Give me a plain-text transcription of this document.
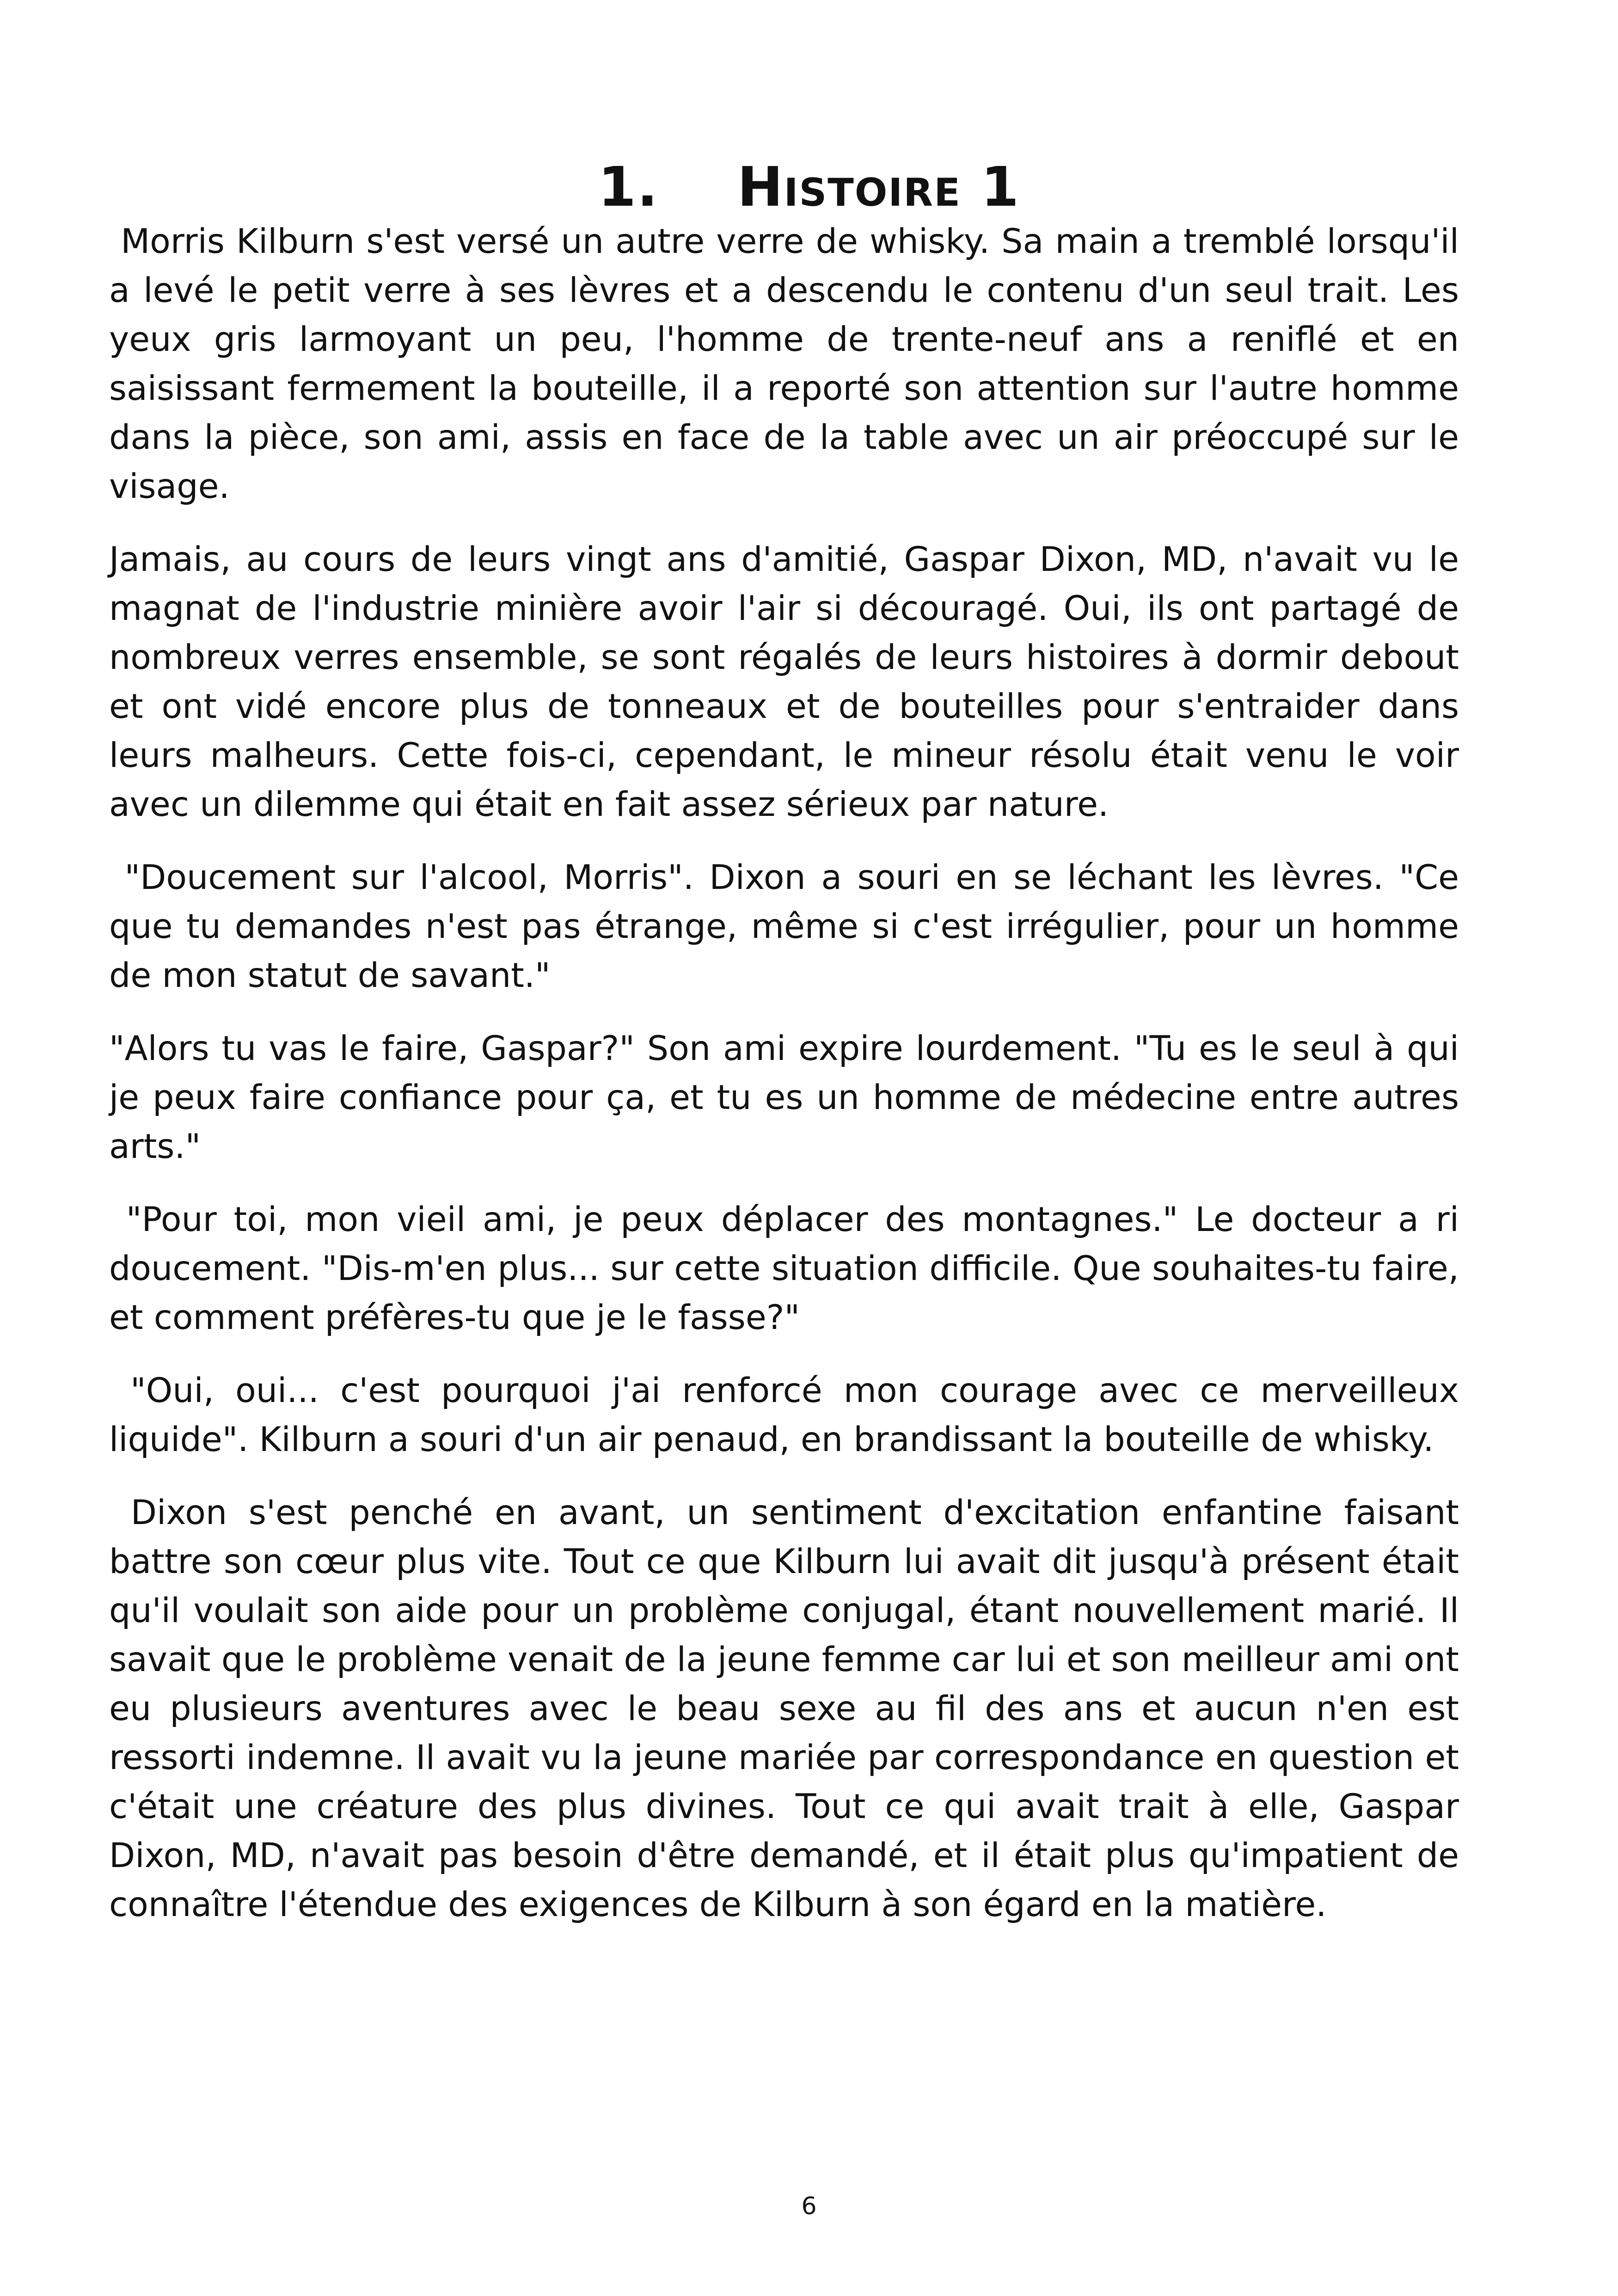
1. Histoire 1

Morris Kilburn s'est versé un autre verre de whisky. Sa main a tremblé lorsqu'il a levé le petit verre à ses lèvres et a descendu le contenu d'un seul trait. Les yeux gris larmoyant un peu, l'homme de trente-neuf ans a reniflé et en saisissant fermement la bouteille, il a reporté son attention sur l'autre homme dans la pièce, son ami, assis en face de la table avec un air préoccupé sur le visage.

Jamais, au cours de leurs vingt ans d'amitié, Gaspar Dixon, MD, n'avait vu le magnat de l'industrie minière avoir l'air si découragé. Oui, ils ont partagé de nombreux verres ensemble, se sont régalés de leurs histoires à dormir debout et ont vidé encore plus de tonneaux et de bouteilles pour s'entraider dans leurs malheurs. Cette fois-ci, cependant, le mineur résolu était venu le voir avec un dilemme qui était en fait assez sérieux par nature.

"Doucement sur l'alcool, Morris". Dixon a souri en se léchant les lèvres. "Ce que tu demandes n'est pas étrange, même si c'est irrégulier, pour un homme de mon statut de savant."

"Alors tu vas le faire, Gaspar?" Son ami expire lourdement. "Tu es le seul à qui je peux faire confiance pour ça, et tu es un homme de médecine entre autres arts."

"Pour toi, mon vieil ami, je peux déplacer des montagnes." Le docteur a ri doucement. "Dis-m'en plus... sur cette situation difficile. Que souhaites-tu faire, et comment préfères-tu que je le fasse?"

"Oui, oui... c'est pourquoi j'ai renforcé mon courage avec ce merveilleux liquide". Kilburn a souri d'un air penaud, en brandissant la bouteille de whisky.

Dixon s'est penché en avant, un sentiment d'excitation enfantine faisant battre son cœur plus vite. Tout ce que Kilburn lui avait dit jusqu'à présent était qu'il voulait son aide pour un problème conjugal, étant nouvellement marié. Il savait que le problème venait de la jeune femme car lui et son meilleur ami ont eu plusieurs aventures avec le beau sexe au fil des ans et aucun n'en est ressorti indemne. Il avait vu la jeune mariée par correspondance en question et c'était une créature des plus divines. Tout ce qui avait trait à elle, Gaspar Dixon, MD, n'avait pas besoin d'être demandé, et il était plus qu'impatient de connaître l'étendue des exigences de Kilburn à son égard en la matière.

6
